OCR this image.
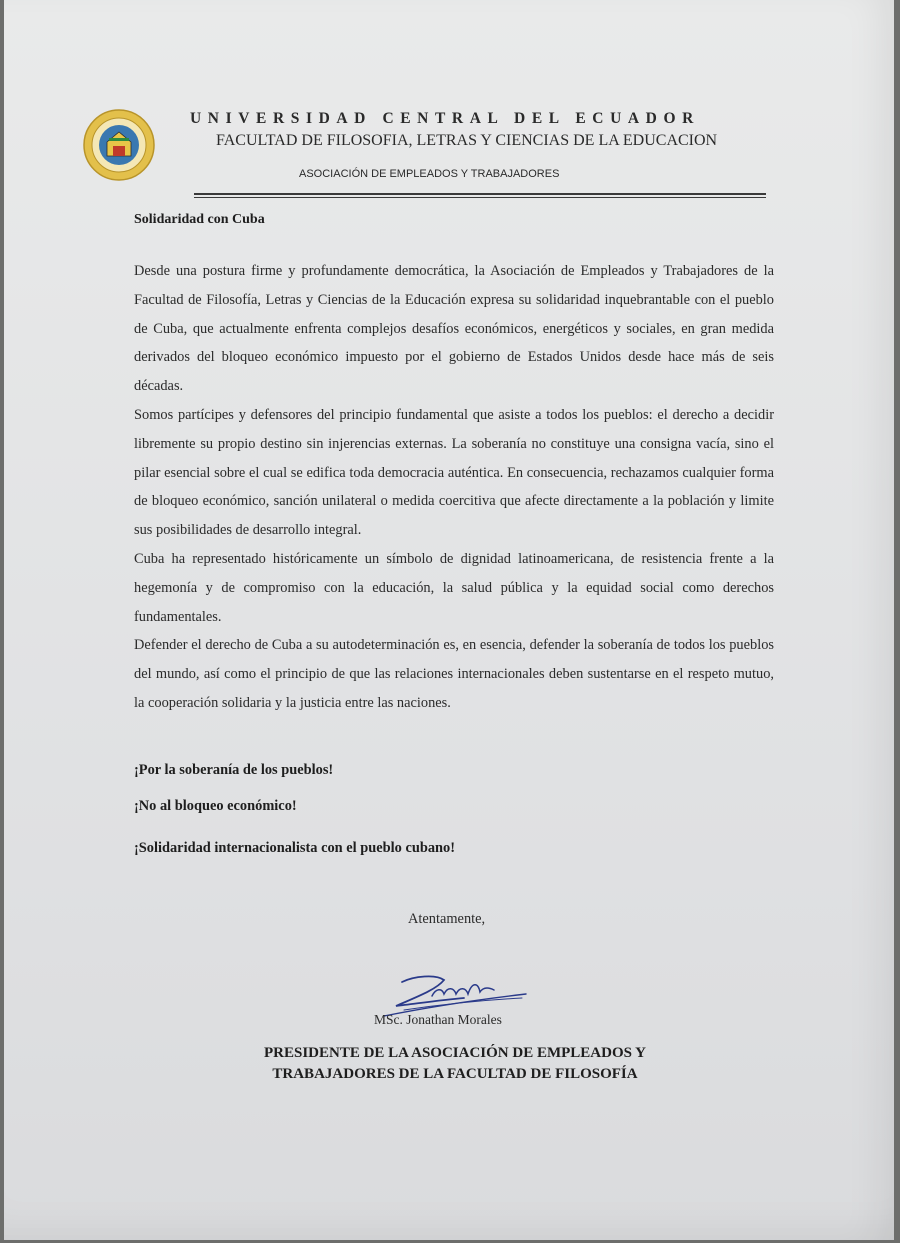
UNIVERSIDAD CENTRAL DEL ECUADOR
FACULTAD DE FILOSOFIA, LETRAS Y CIENCIAS DE LA EDUCACION
ASOCIACIÓN DE EMPLEADOS Y TRABAJADORES
Solidaridad con Cuba

Desde una postura firme y profundamente democrática, la Asociación de Empleados y Trabajadores de la Facultad de Filosofía, Letras y Ciencias de la Educación expresa su solidaridad inquebrantable con el pueblo de Cuba, que actualmente enfrenta complejos desafíos económicos, energéticos y sociales, en gran medida derivados del bloqueo económico impuesto por el gobierno de Estados Unidos desde hace más de seis décadas.

Somos partícipes y defensores del principio fundamental que asiste a todos los pueblos: el derecho a decidir libremente su propio destino sin injerencias externas. La soberanía no constituye una consigna vacía, sino el pilar esencial sobre el cual se edifica toda democracia auténtica. En consecuencia, rechazamos cualquier forma de bloqueo económico, sanción unilateral o medida coercitiva que afecte directamente a la población y limite sus posibilidades de desarrollo integral.

Cuba ha representado históricamente un símbolo de dignidad latinoamericana, de resistencia frente a la hegemonía y de compromiso con la educación, la salud pública y la equidad social como derechos fundamentales.

Defender el derecho de Cuba a su autodeterminación es, en esencia, defender la soberanía de todos los pueblos del mundo, así como el principio de que las relaciones internacionales deben sustentarse en el respeto mutuo, la cooperación solidaria y la justicia entre las naciones.

¡Por la soberanía de los pueblos!
¡No al bloqueo económico!
¡Solidaridad internacionalista con el pueblo cubano!
Atentamente,
MSc. Jonathan Morales
PRESIDENTE DE LA ASOCIACIÓN DE EMPLEADOS Y
TRABAJADORES DE LA FACULTAD DE FILOSOFÍA
